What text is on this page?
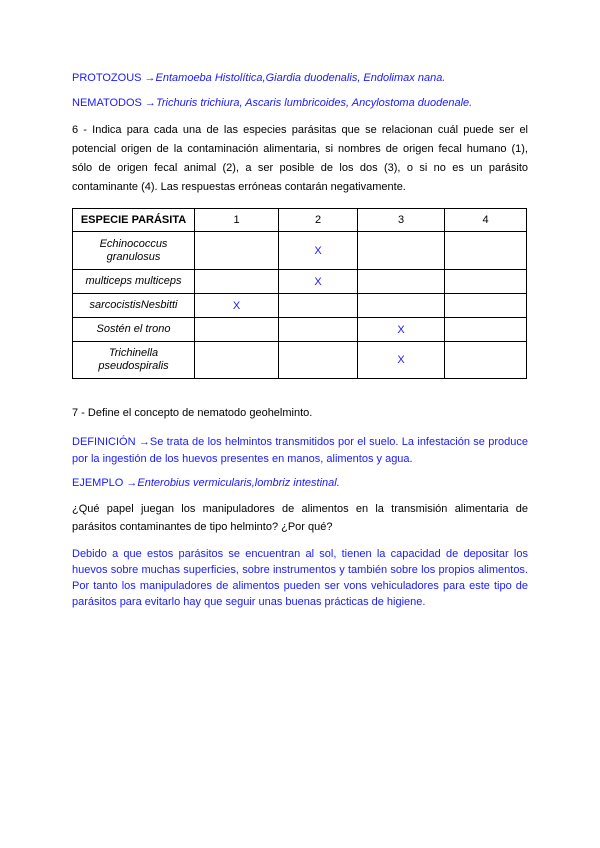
PROTOZOUS →Entamoeba Histolítica,Giardia duodenalis, Endolimax nana.

NEMATODOS →Trichuris trichiura, Ascaris lumbricoides, Ancylostoma duodenale.

6 - Indica para cada una de las especies parásitas que se relacionan cuál puede ser el potencial origen de la contaminación alimentaria, si nombres de origen fecal humano (1), sólo de origen fecal animal (2), a ser posible de los dos (3), o si no es un parásito contaminante (4). Las respuestas erróneas contarán negativamente.

ESPECIE PARÁSITA	1	2	3	4
Echinococcus granulosus		X		
multiceps multiceps		X		
sarcocistisNesbitti	X			
Sostén el trono			X	
Trichinella pseudospiralis			X	

7 - Define el concepto de nematodo geohelminto.

DEFINICIÓN →Se trata de los helmintos transmitidos por el suelo. La infestación se produce por la ingestión de los huevos presentes en manos, alimentos y agua.

EJEMPLO →Enterobius vermicularis,lombriz intestinal.

¿Qué papel juegan los manipuladores de alimentos en la transmisión alimentaria de parásitos contaminantes de tipo helminto? ¿Por qué?

Debido a que estos parásitos se encuentran al sol, tienen la capacidad de depositar los huevos sobre muchas superficies, sobre instrumentos y también sobre los propios alimentos. Por tanto los manipuladores de alimentos pueden ser vons vehiculadores para este tipo de parásitos para evitarlo hay que seguir unas buenas prácticas de higiene.
